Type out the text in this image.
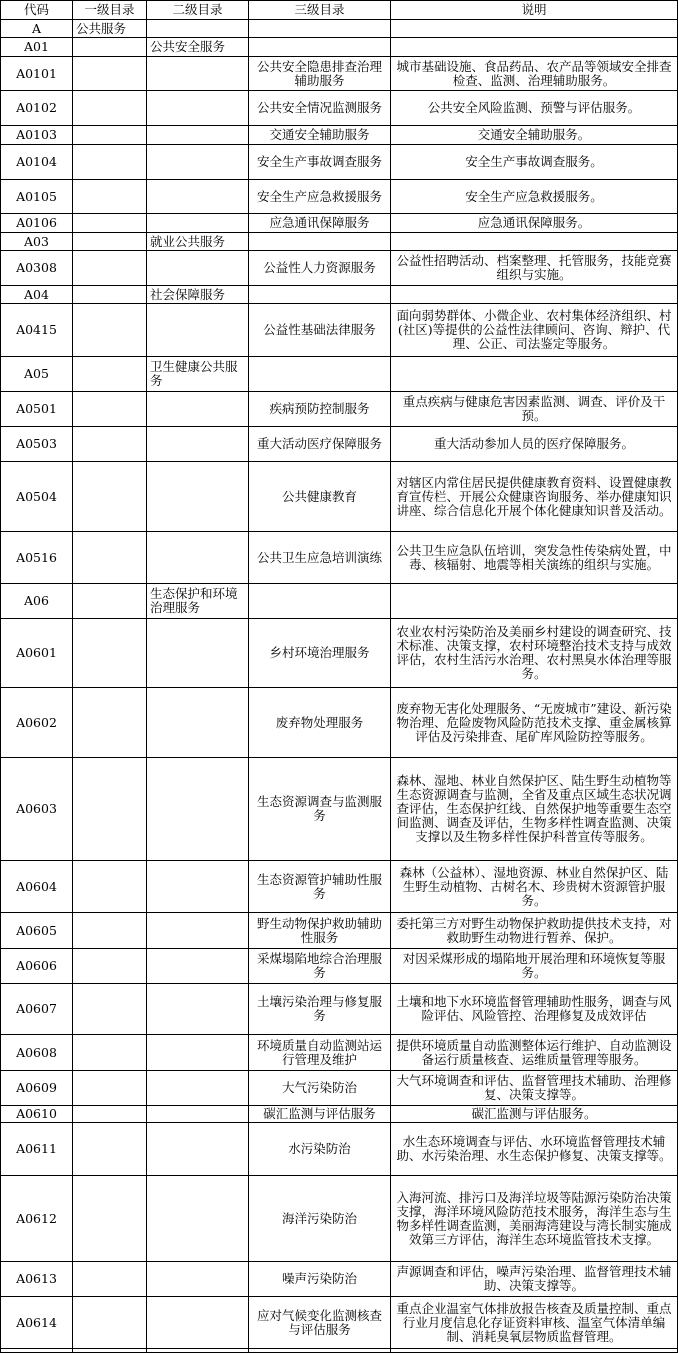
代码	一级目录	二级目录	三级目录	说明
A	公共服务			
A01		公共安全服务		
A0101			公共安全隐患排查治理辅助服务	城市基础设施、食品药品、农产品等领域安全排查检查、监测、治理辅助服务。
A0102			公共安全情况监测服务	公共安全风险监测、预警与评估服务。
A0103			交通安全辅助服务	交通安全辅助服务。
A0104			安全生产事故调查服务	安全生产事故调查服务。
A0105			安全生产应急救援服务	安全生产应急救援服务。
A0106			应急通讯保障服务	应急通讯保障服务。
A03		就业公共服务		
A0308			公益性人力资源服务	公益性招聘活动、档案整理、托管服务，技能竞赛组织与实施。
A04		社会保障服务		
A0415			公益性基础法律服务	面向弱势群体、小微企业、农村集体经济组织、村(社区)等提供的公益性法律顾问、咨询、辩护、代理、公正、司法鉴定等服务。
A05		卫生健康公共服务		
A0501			疾病预防控制服务	重点疾病与健康危害因素监测、调查、评价及干预。
A0503			重大活动医疗保障服务	重大活动参加人员的医疗保障服务。
A0504			公共健康教育	对辖区内常住居民提供健康教育资料、设置健康教育宣传栏、开展公众健康咨询服务、举办健康知识讲座、综合信息化开展个体化健康知识普及活动。
A0516			公共卫生应急培训演练	公共卫生应急队伍培训，突发急性传染病处置，中毒、核辐射、地震等相关演练的组织与实施。
A06		生态保护和环境治理服务		
A0601			乡村环境治理服务	农业农村污染防治及美丽乡村建设的调查研究、技术标准、决策支撑，农村环境整治技术支持与成效评估，农村生活污水治理、农村黑臭水体治理等服务。
A0602			废弃物处理服务	废弃物无害化处理服务、“无废城市”建设、新污染物治理、危险废物风险防范技术支撑、重金属核算评估及污染排查、尾矿库风险防控等服务。
A0603			生态资源调查与监测服务	森林、湿地、林业自然保护区、陆生野生动植物等生态资源调查与监测，全省及重点区域生态状况调查评估，生态保护红线、自然保护地等重要生态空间监测、调查及评估，生物多样性调查监测、决策支撑以及生物多样性保护科普宣传等服务。
A0604			生态资源管护辅助性服务	森林（公益林）、湿地资源、林业自然保护区、陆生野生动植物、古树名木、珍贵树木资源管护服务。
A0605			野生动物保护救助辅助性服务	委托第三方对野生动物保护救助提供技术支持，对救助野生动物进行暂养、保护。
A0606			采煤塌陷地综合治理服务	对因采煤形成的塌陷地开展治理和环境恢复等服务。
A0607			土壤污染治理与修复服务	土壤和地下水环境监督管理辅助性服务，调查与风险评估、风险管控、治理修复及成效评估
A0608			环境质量自动监测站运行管理及维护	提供环境质量自动监测整体运行维护、自动监测设备运行质量核查、运维质量管理等服务。
A0609			大气污染防治	大气环境调查和评估、监督管理技术辅助、治理修复、决策支撑等。
A0610			碳汇监测与评估服务	碳汇监测与评估服务。
A0611			水污染防治	水生态环境调查与评估、水环境监督管理技术辅助、水污染治理、水生态保护修复、决策支撑等。
A0612			海洋污染防治	入海河流、排污口及海洋垃圾等陆源污染防治决策支撑，海洋环境风险防范技术服务，海洋生态与生物多样性调查监测，美丽海湾建设与湾长制实施成效第三方评估，海洋生态环境监管技术支撑。
A0613			噪声污染防治	声源调查和评估，噪声污染治理、监督管理技术辅助、决策支撑等。
A0614			应对气候变化监测核查与评估服务	重点企业温室气体排放报告核查及质量控制、重点行业月度信息化存证资料审核、温室气体清单编制、消耗臭氧层物质监督管理。
